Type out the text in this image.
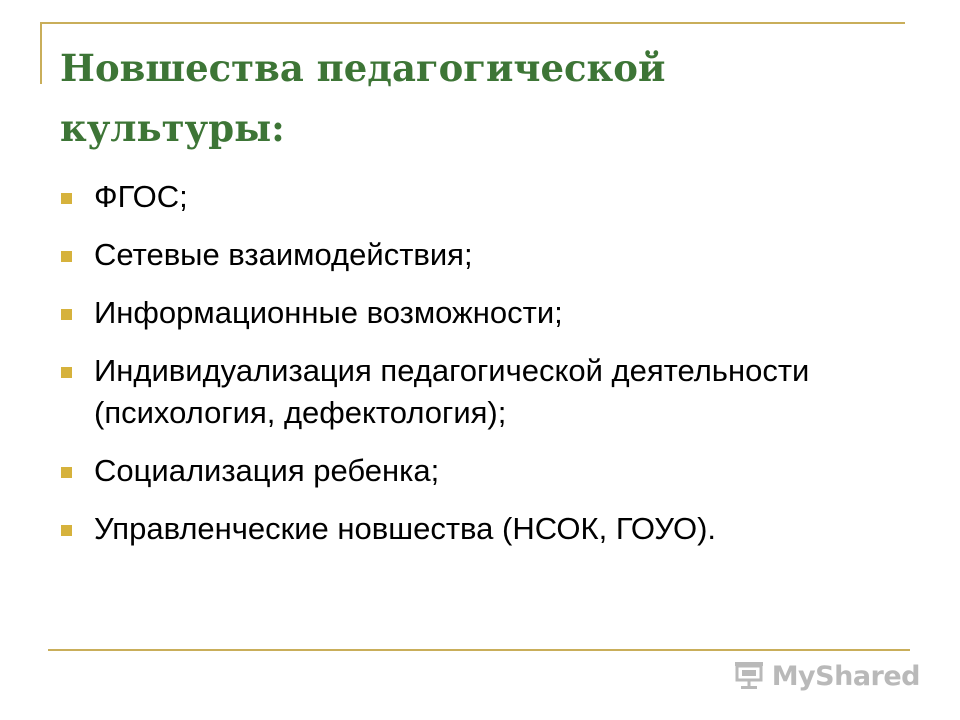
Новшества педагогической культуры:
ФГОС;
Сетевые взаимодействия;
Информационные возможности;
Индивидуализация педагогической деятельности (психология, дефектология);
Социализация ребенка;
Управленческие новшества (НСОК, ГОУО).
MyShared
